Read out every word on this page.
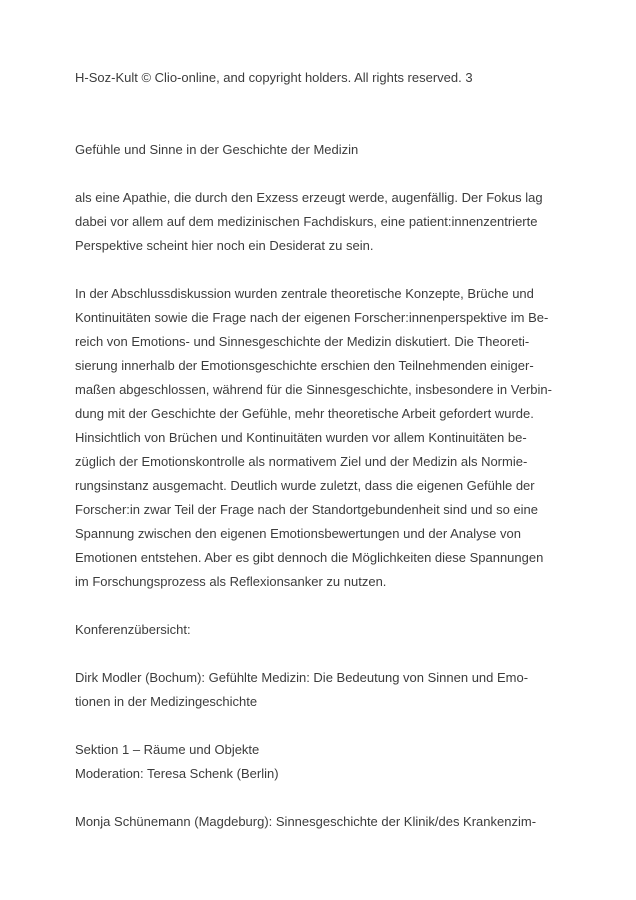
H-Soz-Kult © Clio-online, and copyright holders. All rights reserved. 3
Gefühle und Sinne in der Geschichte der Medizin
als eine Apathie, die durch den Exzess erzeugt werde, augenfällig. Der Fokus lag
dabei vor allem auf dem medizinischen Fachdiskurs, eine patient:innenzentrierte
Perspektive scheint hier noch ein Desiderat zu sein.
In der Abschlussdiskussion wurden zentrale theoretische Konzepte, Brüche und
Kontinuitäten sowie die Frage nach der eigenen Forscher:innenperspektive im Be-
reich von Emotions- und Sinnesgeschichte der Medizin diskutiert. Die Theoreti-
sierung innerhalb der Emotionsgeschichte erschien den Teilnehmenden einiger-
maßen abgeschlossen, während für die Sinnesgeschichte, insbesondere in Verbin-
dung mit der Geschichte der Gefühle, mehr theoretische Arbeit gefordert wurde.
Hinsichtlich von Brüchen und Kontinuitäten wurden vor allem Kontinuitäten be-
züglich der Emotionskontrolle als normativem Ziel und der Medizin als Normie-
rungsinstanz ausgemacht. Deutlich wurde zuletzt, dass die eigenen Gefühle der
Forscher:in zwar Teil der Frage nach der Standortgebundenheit sind und so eine
Spannung zwischen den eigenen Emotionsbewertungen und der Analyse von
Emotionen entstehen. Aber es gibt dennoch die Möglichkeiten diese Spannungen
im Forschungsprozess als Reflexionsanker zu nutzen.
Konferenzübersicht:
Dirk Modler (Bochum): Gefühlte Medizin: Die Bedeutung von Sinnen und Emo-
tionen in der Medizingeschichte
Sektion 1 – Räume und Objekte
Moderation: Teresa Schenk (Berlin)
Monja Schünemann (Magdeburg): Sinnesgeschichte der Klinik/des Krankenzim-
